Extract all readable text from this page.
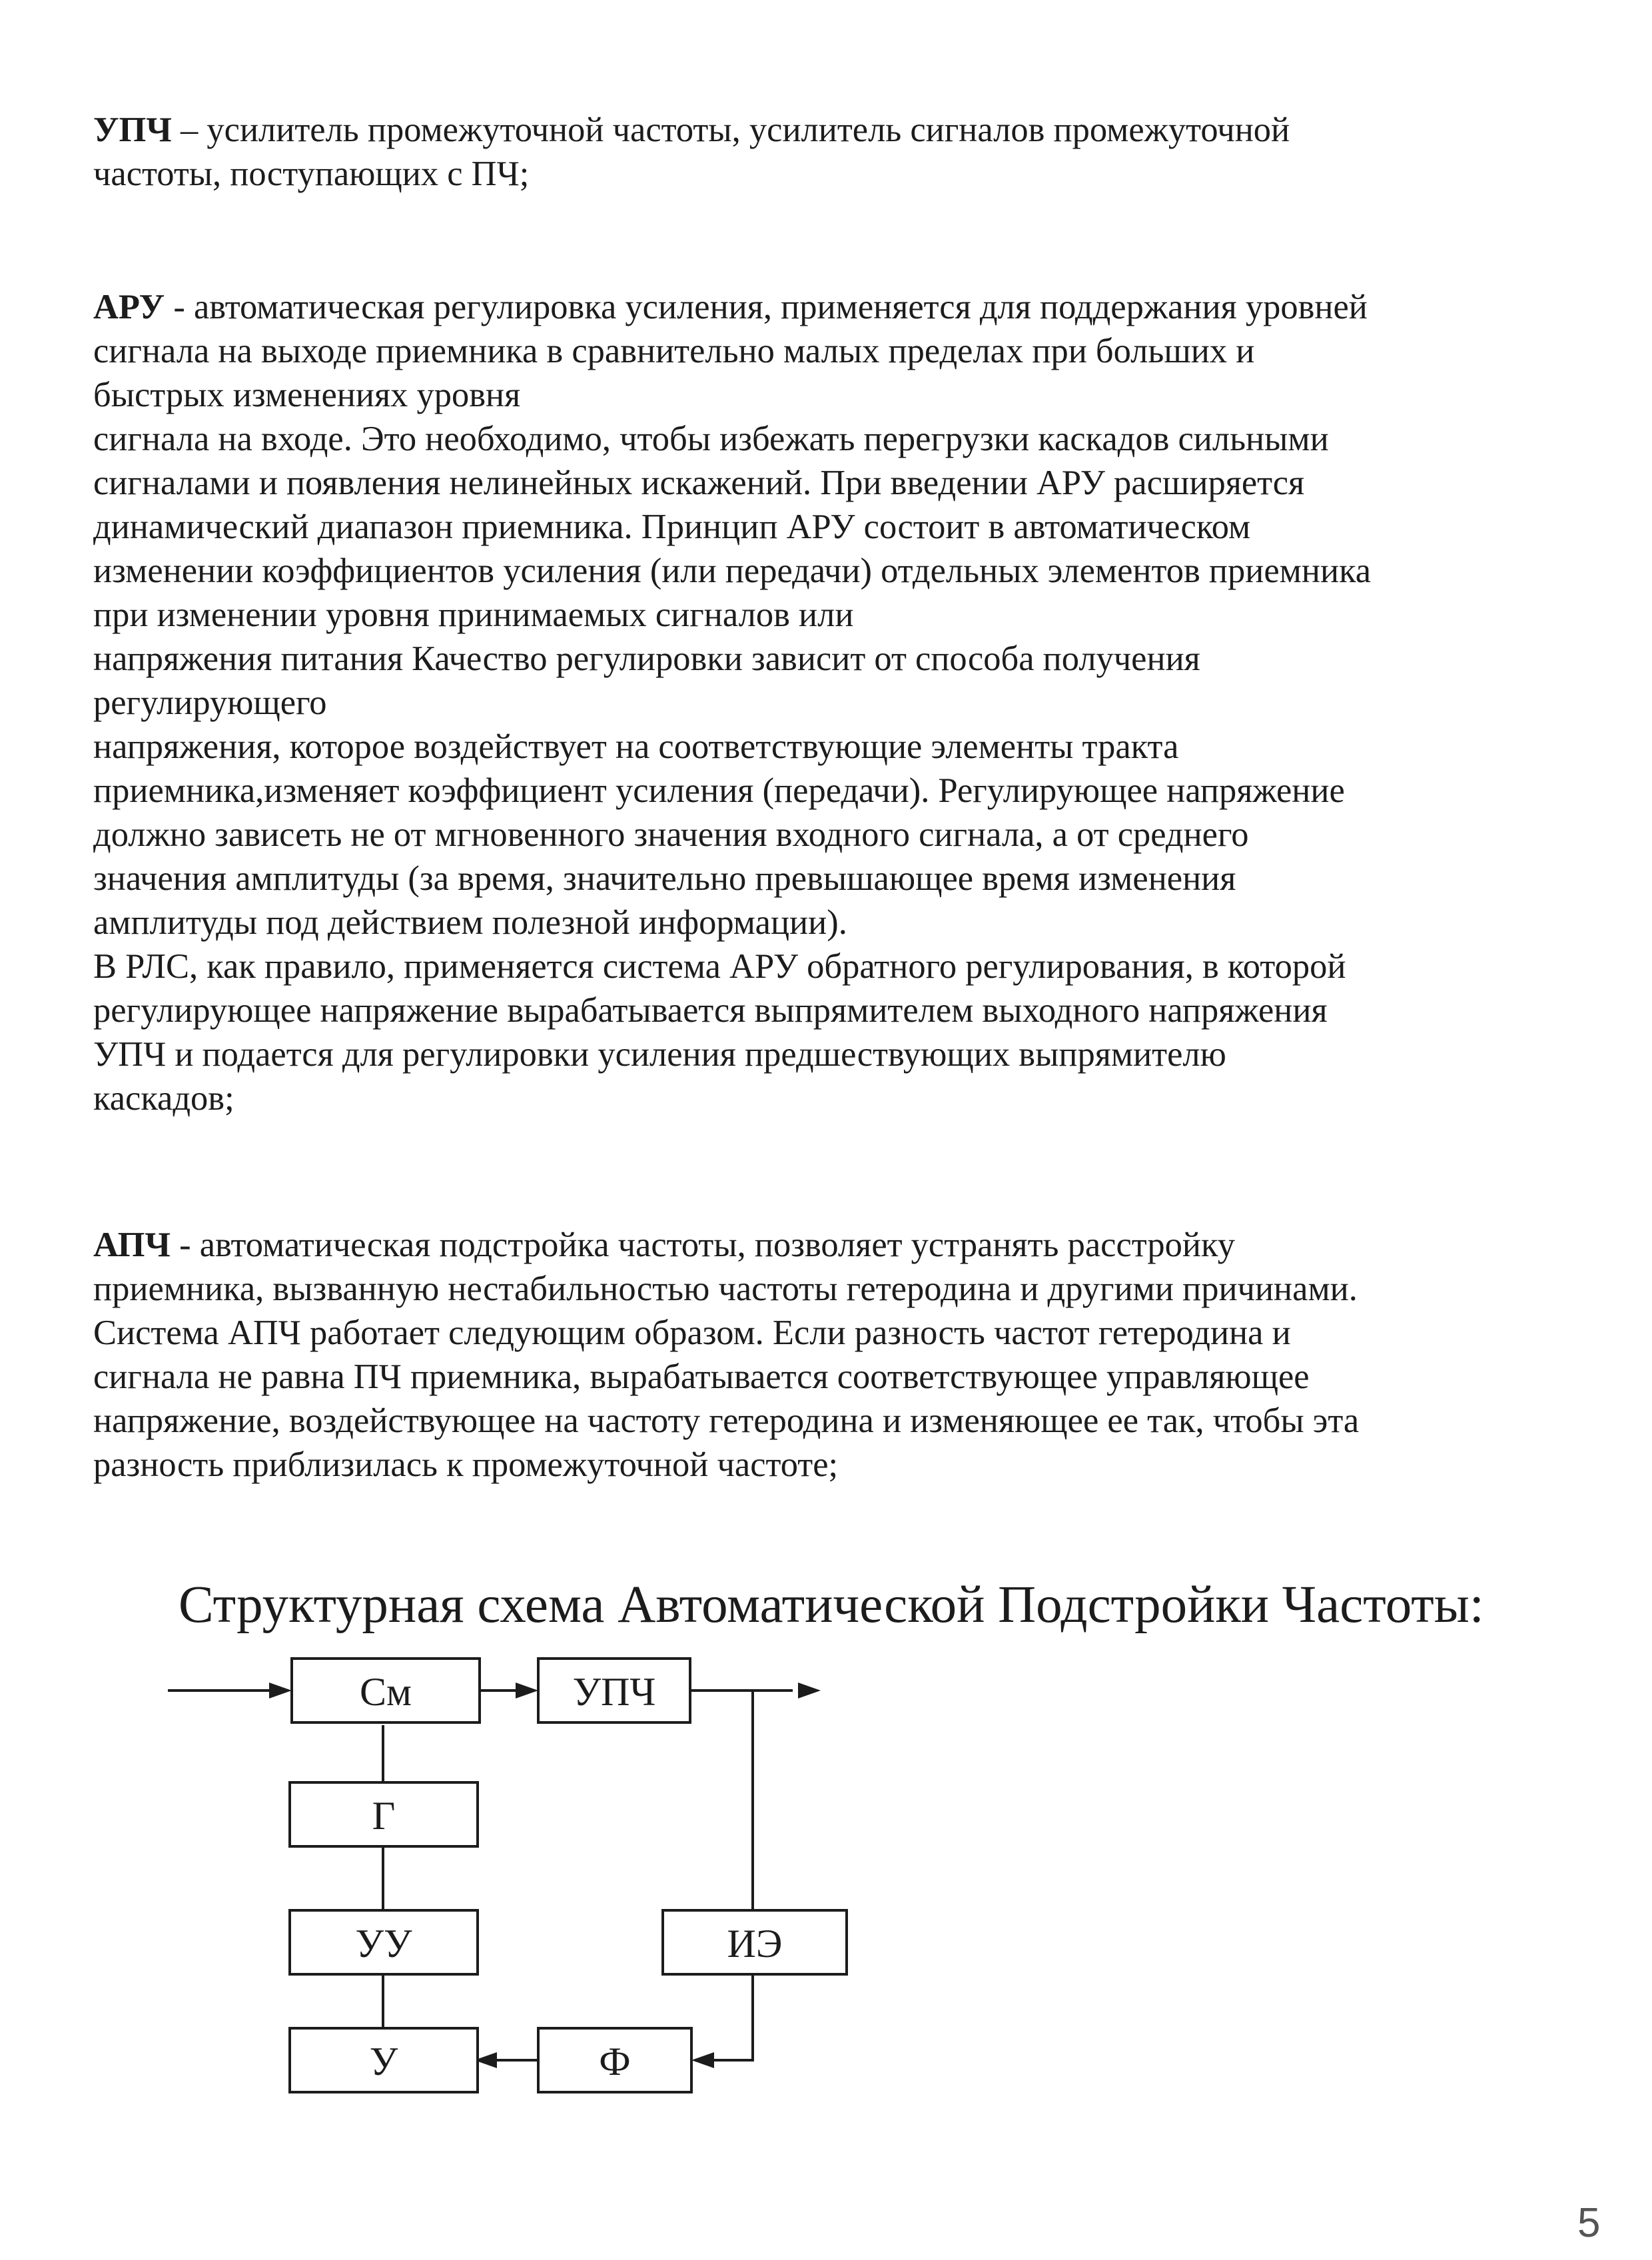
УПЧ – усилитель промежуточной частоты, усилитель сигналов промежуточной
частоты, поступающих с ПЧ;

АРУ - автоматическая регулировка усиления, применяется для поддержания уровней
сигнала на выходе приемника в сравнительно малых пределах при больших и
быстрых изменениях уровня
сигнала на входе. Это необходимо, чтобы избежать перегрузки каскадов сильными
сигналами и появления нелинейных искажений. При введении АРУ расширяется
динамический диапазон приемника. Принцип АРУ состоит в автоматическом
изменении коэффициентов усиления (или передачи) отдельных элементов приемника
при изменении уровня принимаемых сигналов или
напряжения питания Качество регулировки зависит от способа получения
регулирующего
напряжения, которое воздействует на соответствующие элементы тракта
приемника,изменяет коэффициент усиления (передачи). Регулирующее напряжение
должно зависеть не от мгновенного значения входного сигнала, а от среднего
значения амплитуды (за время, значительно превышающее время изменения
амплитуды под действием полезной информации).
В РЛС, как правило, применяется система АРУ обратного регулирования, в которой
регулирующее напряжение вырабатывается выпрямителем выходного напряжения
УПЧ и подается для регулировки усиления предшествующих выпрямителю
каскадов;

АПЧ - автоматическая подстройка частоты, позволяет устранять расстройку
приемника, вызванную нестабильностью частоты гетеродина и другими причинами.
Система АПЧ работает следующим образом. Если разность частот гетеродина и
сигнала не равна ПЧ приемника, вырабатывается соответствующее управляющее
напряжение, воздействующее на частоту гетеродина и изменяющее ее так, чтобы эта
разность приблизилась к промежуточной частоте;

Структурная схема Автоматической Подстройки Частоты:
См	УПЧ
Г
УУ	ИЭ
У	Ф
5
